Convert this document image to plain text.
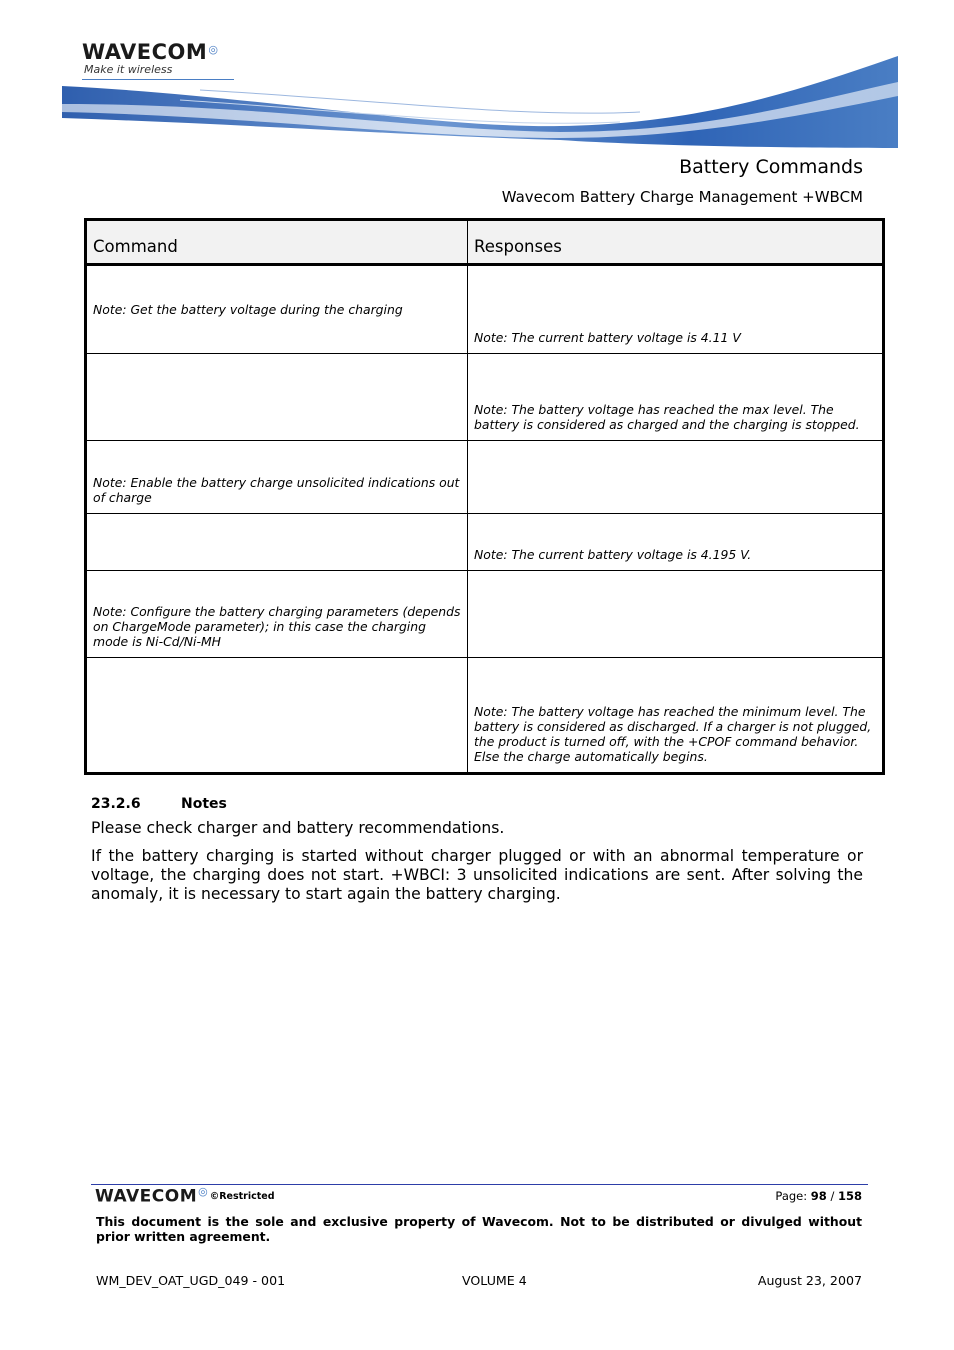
WAVECOM◎
Make it wireless
Battery Commands
Wavecom Battery Charge Management +WBCM
Command	Responses
Note: Get the battery voltage during the charging	Note: The current battery voltage is 4.11 V
	Note: The battery voltage has reached the max level. The battery is considered as charged and the charging is stopped.
Note: Enable the battery charge unsolicited indications out of charge	
	Note: The current battery voltage is 4.195 V.
Note: Configure the battery charging parameters (depends on ChargeMode parameter); in this case the charging mode is Ni-Cd/Ni-MH	
	Note: The battery voltage has reached the minimum level. The battery is considered as discharged. If a charger is not plugged, the product is turned off, with the +CPOF command behavior. Else the charge automatically begins.
23.2.6	Notes
Please check charger and battery recommendations.
If the battery charging is started without charger plugged or with an abnormal temperature or voltage, the charging does not start. +WBCI: 3 unsolicited indications are sent. After solving the anomaly, it is necessary to start again the battery charging.
WAVECOM◎ ©Restricted	Page: 98 / 158
This document is the sole and exclusive property of Wavecom. Not to be distributed or divulged without prior written agreement.
WM_DEV_OAT_UGD_049 - 001	VOLUME 4	August 23, 2007
